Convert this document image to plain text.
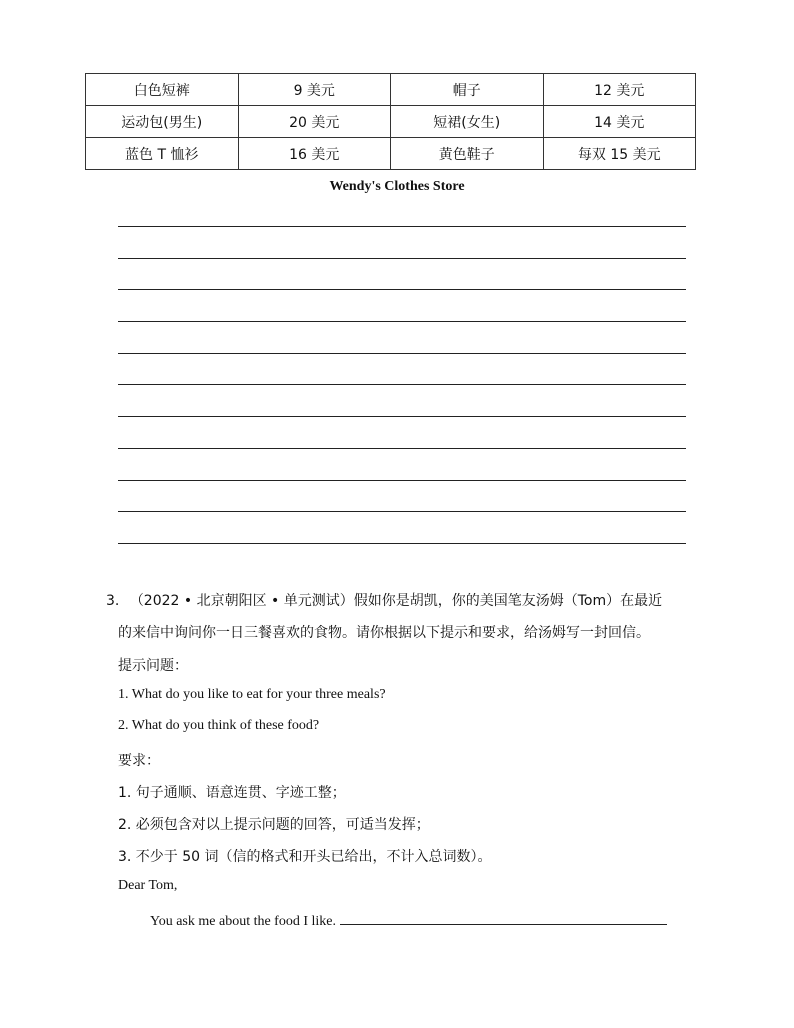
白色短裤	9 美元	帽子	12 美元
运动包(男生)	20 美元	短裙(女生)	14 美元
蓝色 T 恤衫	16 美元	黄色鞋子	每双 15 美元
Wendy's Clothes Store
3. （2022 • 北京朝阳区 • 单元测试）假如你是胡凯，你的美国笔友汤姆（Tom）在最近
的来信中询问你一日三餐喜欢的食物。请你根据以下提示和要求，给汤姆写一封回信。
提示问题：
1. What do you like to eat for your three meals?
2. What do you think of these food?
要求：
1. 句子通顺、语意连贯、字迹工整；
2. 必须包含对以上提示问题的回答，可适当发挥；
3. 不少于 50 词（信的格式和开头已给出，不计入总词数）。
Dear Tom,
You ask me about the food I like.
